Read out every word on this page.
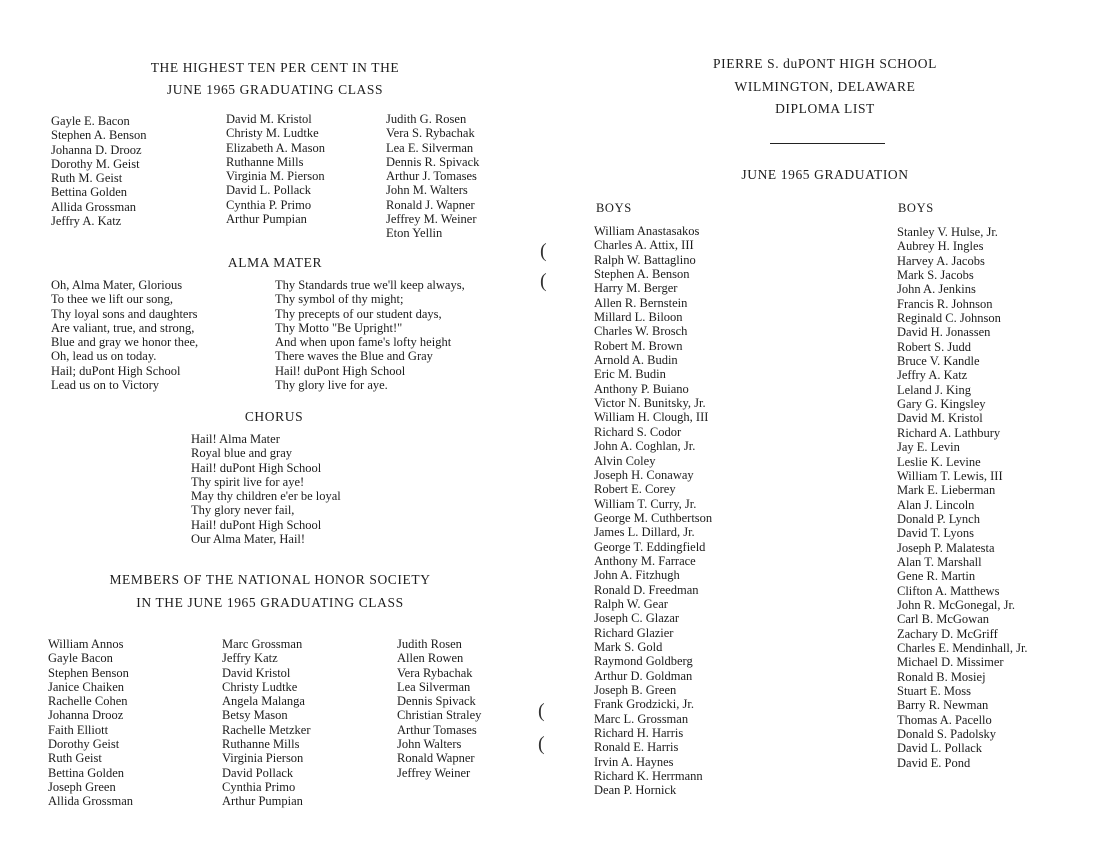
THE HIGHEST TEN PER CENT IN THE
JUNE 1965 GRADUATING CLASS
Gayle E. Bacon
Stephen A. Benson
Johanna D. Drooz
Dorothy M. Geist
Ruth M. Geist
Bettina Golden
Allida Grossman
Jeffry A. Katz
David M. Kristol
Christy M. Ludtke
Elizabeth A. Mason
Ruthanne Mills
Virginia M. Pierson
David L. Pollack
Cynthia P. Primo
Arthur Pumpian
Judith G. Rosen
Vera S. Rybachak
Lea E. Silverman
Dennis R. Spivack
Arthur J. Tomases
John M. Walters
Ronald J. Wapner
Jeffrey M. Weiner
Eton Yellin
ALMA MATER
Oh, Alma Mater, Glorious
To thee we lift our song,
Thy loyal sons and daughters
Are valiant, true, and strong,
Blue and gray we honor thee,
Oh, lead us on today.
Hail; duPont High School
Lead us on to Victory
Thy Standards true we'll keep always,
Thy symbol of thy might;
Thy precepts of our student days,
Thy Motto "Be Upright!"
And when upon fame's lofty height
There waves the Blue and Gray
Hail! duPont High School
Thy glory live for aye.
CHORUS
Hail! Alma Mater
Royal blue and gray
Hail! duPont High School
Thy spirit live for aye!
May thy children e'er be loyal
Thy glory never fail,
Hail! duPont High School
Our Alma Mater, Hail!
MEMBERS OF THE NATIONAL HONOR SOCIETY
IN THE JUNE 1965 GRADUATING CLASS
William Annos
Gayle Bacon
Stephen Benson
Janice Chaiken
Rachelle Cohen
Johanna Drooz
Faith Elliott
Dorothy Geist
Ruth Geist
Bettina Golden
Joseph Green
Allida Grossman
Marc Grossman
Jeffry Katz
David Kristol
Christy Ludtke
Angela Malanga
Betsy Mason
Rachelle Metzker
Ruthanne Mills
Virginia Pierson
David Pollack
Cynthia Primo
Arthur Pumpian
Judith Rosen
Allen Rowen
Vera Rybachak
Lea Silverman
Dennis Spivack
Christian Straley
Arthur Tomases
John Walters
Ronald Wapner
Jeffrey Weiner
(
(
(
(
PIERRE S. duPONT HIGH SCHOOL
WILMINGTON, DELAWARE
DIPLOMA LIST
JUNE 1965 GRADUATION
BOYS	BOYS
William Anastasakos
Charles A. Attix, III
Ralph W. Battaglino
Stephen A. Benson
Harry M. Berger
Allen R. Bernstein
Millard L. Biloon
Charles W. Brosch
Robert M. Brown
Arnold A. Budin
Eric M. Budin
Anthony P. Buiano
Victor N. Bunitsky, Jr.
William H. Clough, III
Richard S. Codor
John A. Coghlan, Jr.
Alvin Coley
Joseph H. Conaway
Robert E. Corey
William T. Curry, Jr.
George M. Cuthbertson
James L. Dillard, Jr.
George T. Eddingfield
Anthony M. Farrace
John A. Fitzhugh
Ronald D. Freedman
Ralph W. Gear
Joseph C. Glazar
Richard Glazier
Mark S. Gold
Raymond Goldberg
Arthur D. Goldman
Joseph B. Green
Frank Grodzicki, Jr.
Marc L. Grossman
Richard H. Harris
Ronald E. Harris
Irvin A. Haynes
Richard K. Herrmann
Dean P. Hornick
Stanley V. Hulse, Jr.
Aubrey H. Ingles
Harvey A. Jacobs
Mark S. Jacobs
John A. Jenkins
Francis R. Johnson
Reginald C. Johnson
David H. Jonassen
Robert S. Judd
Bruce V. Kandle
Jeffry A. Katz
Leland J. King
Gary G. Kingsley
David M. Kristol
Richard A. Lathbury
Jay E. Levin
Leslie K. Levine
William T. Lewis, III
Mark E. Lieberman
Alan J. Lincoln
Donald P. Lynch
David T. Lyons
Joseph P. Malatesta
Alan T. Marshall
Gene R. Martin
Clifton A. Matthews
John R. McGonegal, Jr.
Carl B. McGowan
Zachary D. McGriff
Charles E. Mendinhall, Jr.
Michael D. Missimer
Ronald B. Mosiej
Stuart E. Moss
Barry R. Newman
Thomas A. Pacello
Donald S. Padolsky
David L. Pollack
David E. Pond
